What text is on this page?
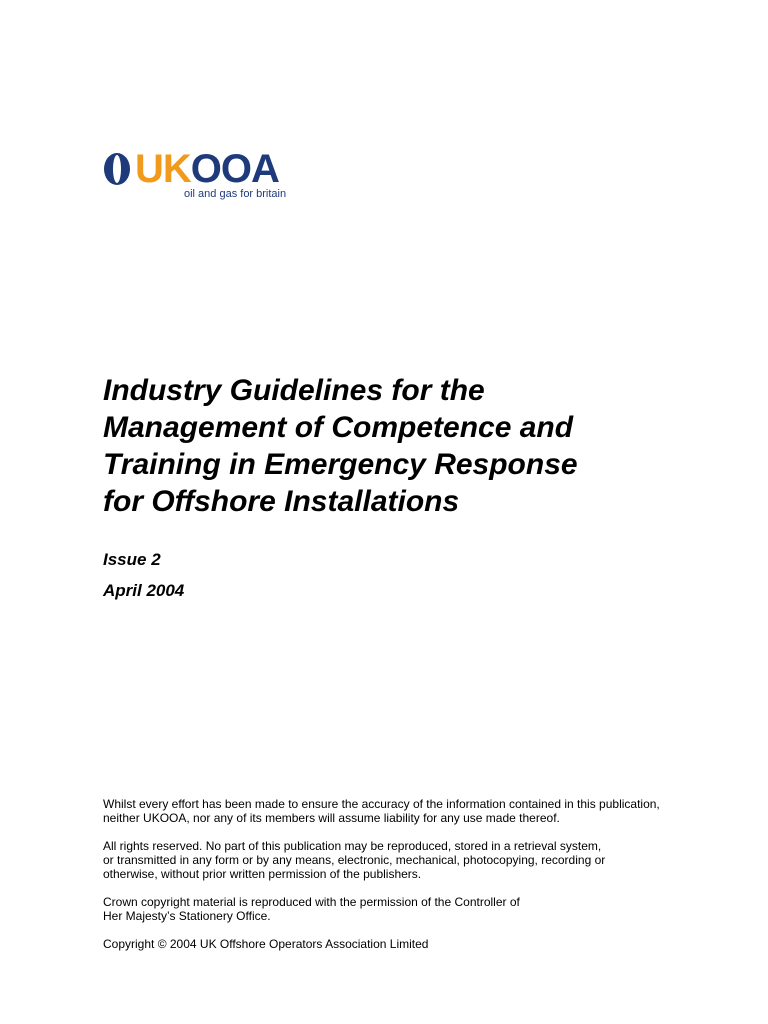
UK OOA
oil and gas for britain
Industry Guidelines for the
Management of Competence and
Training in Emergency Response
for Offshore Installations

Issue 2

April 2004

Whilst every effort has been made to ensure the accuracy of the information contained in this publication,
neither UKOOA, nor any of its members will assume liability for any use made thereof.

All rights reserved. No part of this publication may be reproduced, stored in a retrieval system,
or transmitted in any form or by any means, electronic, mechanical, photocopying, recording or
otherwise, without prior written permission of the publishers.

Crown copyright material is reproduced with the permission of the Controller of
Her Majesty’s Stationery Office.

Copyright © 2004 UK Offshore Operators Association Limited
